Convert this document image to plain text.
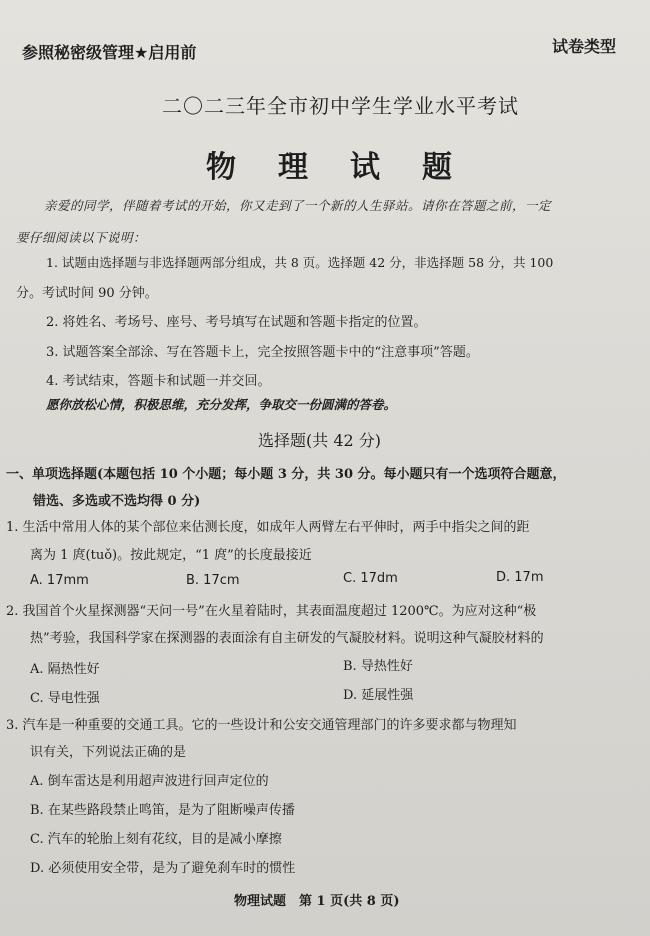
参照秘密级管理★启用前	试卷类型
二〇二三年全市初中学生学业水平考试
物　理　试　题
亲爱的同学，伴随着考试的开始，你又走到了一个新的人生驿站。请你在答题之前，一定
要仔细阅读以下说明：
1. 试题由选择题与非选择题两部分组成，共 8 页。选择题 42 分，非选择题 58 分，共 100
分。考试时间 90 分钟。
2. 将姓名、考场号、座号、考号填写在试题和答题卡指定的位置。
3. 试题答案全部涂、写在答题卡上，完全按照答题卡中的“注意事项”答题。
4. 考试结束，答题卡和试题一并交回。
愿你放松心情，积极思维，充分发挥，争取交一份圆满的答卷。
选择题(共 42 分)
一、单项选择题(本题包括 10 个小题；每小题 3 分，共 30 分。每小题只有一个选项符合题意，
错选、多选或不选均得 0 分)
1. 生活中常用人体的某个部位来估测长度，如成年人两臂左右平伸时，两手中指尖之间的距
离为 1 庹(tuǒ)。按此规定，“1 庹”的长度最接近
A. 17mm	B. 17cm	C. 17dm	D. 17m
2. 我国首个火星探测器“天问一号”在火星着陆时，其表面温度超过 1200℃。为应对这种“极
热”考验，我国科学家在探测器的表面涂有自主研发的气凝胶材料。说明这种气凝胶材料的
A. 隔热性好	B. 导热性好
C. 导电性强	D. 延展性强
3. 汽车是一种重要的交通工具。它的一些设计和公安交通管理部门的许多要求都与物理知
识有关，下列说法正确的是
A. 倒车雷达是利用超声波进行回声定位的
B. 在某些路段禁止鸣笛，是为了阻断噪声传播
C. 汽车的轮胎上刻有花纹，目的是减小摩擦
D. 必须使用安全带，是为了避免刹车时的惯性
物理试题　第 1 页(共 8 页)
